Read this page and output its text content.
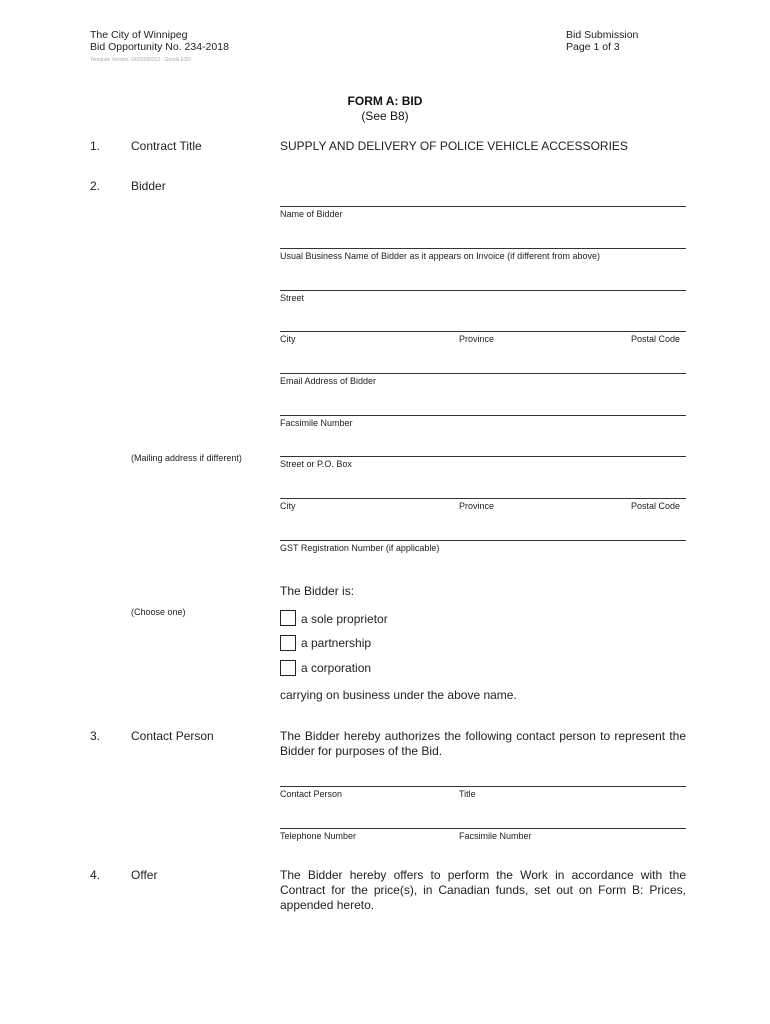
The City of Winnipeg
Bid Opportunity No. 234-2018
Template Version: G020180313 - Goods ESD
Bid Submission
Page 1 of 3
FORM A: BID
(See B8)
1.	Contract Title	SUPPLY AND DELIVERY OF POLICE VEHICLE ACCESSORIES
2.	Bidder
Name of Bidder
Usual Business Name of Bidder as it appears on Invoice (if different from above)
Street
City	Province	Postal Code
Email Address of Bidder
Facsimile Number
(Mailing address if different)
Street or P.O. Box
City	Province	Postal Code
GST Registration Number (if applicable)
The Bidder is:
(Choose one)	a sole proprietor
a partnership
a corporation
carrying on business under the above name.
3.	Contact Person	The Bidder hereby authorizes the following contact person to represent the Bidder for purposes of the Bid.
Contact Person	Title
Telephone Number	Facsimile Number
4.	Offer	The Bidder hereby offers to perform the Work in accordance with the Contract for the price(s), in Canadian funds, set out on Form B: Prices, appended hereto.
